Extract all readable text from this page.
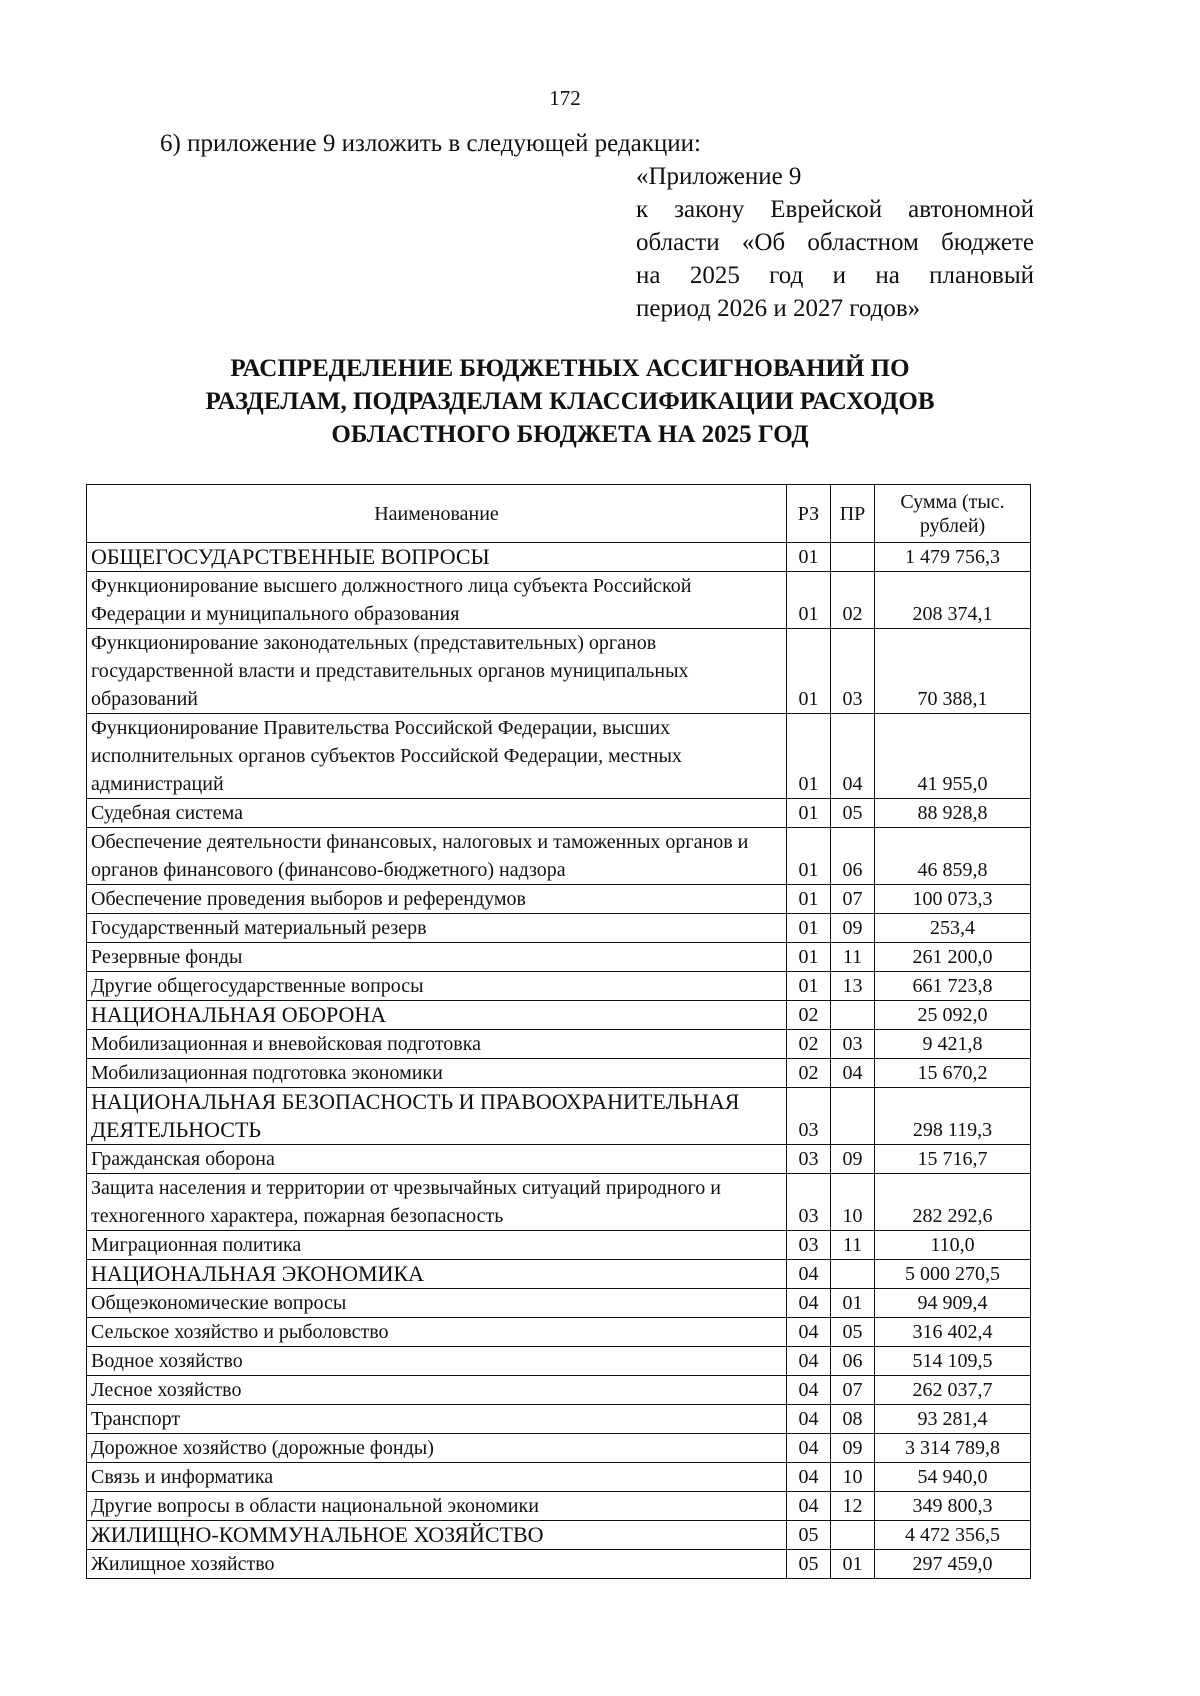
172
6) приложение 9 изложить в следующей редакции:
«Приложение 9
к закону Еврейской автономной
области «Об областном бюджете
на 2025 год и на плановый
период 2026 и 2027 годов»
РАСПРЕДЕЛЕНИЕ БЮДЖЕТНЫХ АССИГНОВАНИЙ ПО
РАЗДЕЛАМ, ПОДРАЗДЕЛАМ КЛАССИФИКАЦИИ РАСХОДОВ
ОБЛАСТНОГО БЮДЖЕТА НА 2025 ГОД
Наименование	РЗ	ПР	Сумма (тыс. рублей)
ОБЩЕГОСУДАРСТВЕННЫЕ ВОПРОСЫ	01		1 479 756,3
Функционирование высшего должностного лица субъекта Российской Федерации и муниципального образования	01	02	208 374,1
Функционирование законодательных (представительных) органов государственной власти и представительных органов муниципальных образований	01	03	70 388,1
Функционирование Правительства Российской Федерации, высших исполнительных органов субъектов Российской Федерации, местных администраций	01	04	41 955,0
Судебная система	01	05	88 928,8
Обеспечение деятельности финансовых, налоговых и таможенных органов и органов финансового (финансово-бюджетного) надзора	01	06	46 859,8
Обеспечение проведения выборов и референдумов	01	07	100 073,3
Государственный материальный резерв	01	09	253,4
Резервные фонды	01	11	261 200,0
Другие общегосударственные вопросы	01	13	661 723,8
НАЦИОНАЛЬНАЯ ОБОРОНА	02		25 092,0
Мобилизационная и вневойсковая подготовка	02	03	9 421,8
Мобилизационная подготовка экономики	02	04	15 670,2
НАЦИОНАЛЬНАЯ БЕЗОПАСНОСТЬ И ПРАВООХРАНИТЕЛЬНАЯ ДЕЯТЕЛЬНОСТЬ	03		298 119,3
Гражданская оборона	03	09	15 716,7
Защита населения и территории от чрезвычайных ситуаций природного и техногенного характера, пожарная безопасность	03	10	282 292,6
Миграционная политика	03	11	110,0
НАЦИОНАЛЬНАЯ ЭКОНОМИКА	04		5 000 270,5
Общеэкономические вопросы	04	01	94 909,4
Сельское хозяйство и рыболовство	04	05	316 402,4
Водное хозяйство	04	06	514 109,5
Лесное хозяйство	04	07	262 037,7
Транспорт	04	08	93 281,4
Дорожное хозяйство (дорожные фонды)	04	09	3 314 789,8
Связь и информатика	04	10	54 940,0
Другие вопросы в области национальной экономики	04	12	349 800,3
ЖИЛИЩНО-КОММУНАЛЬНОЕ ХОЗЯЙСТВО	05		4 472 356,5
Жилищное хозяйство	05	01	297 459,0
